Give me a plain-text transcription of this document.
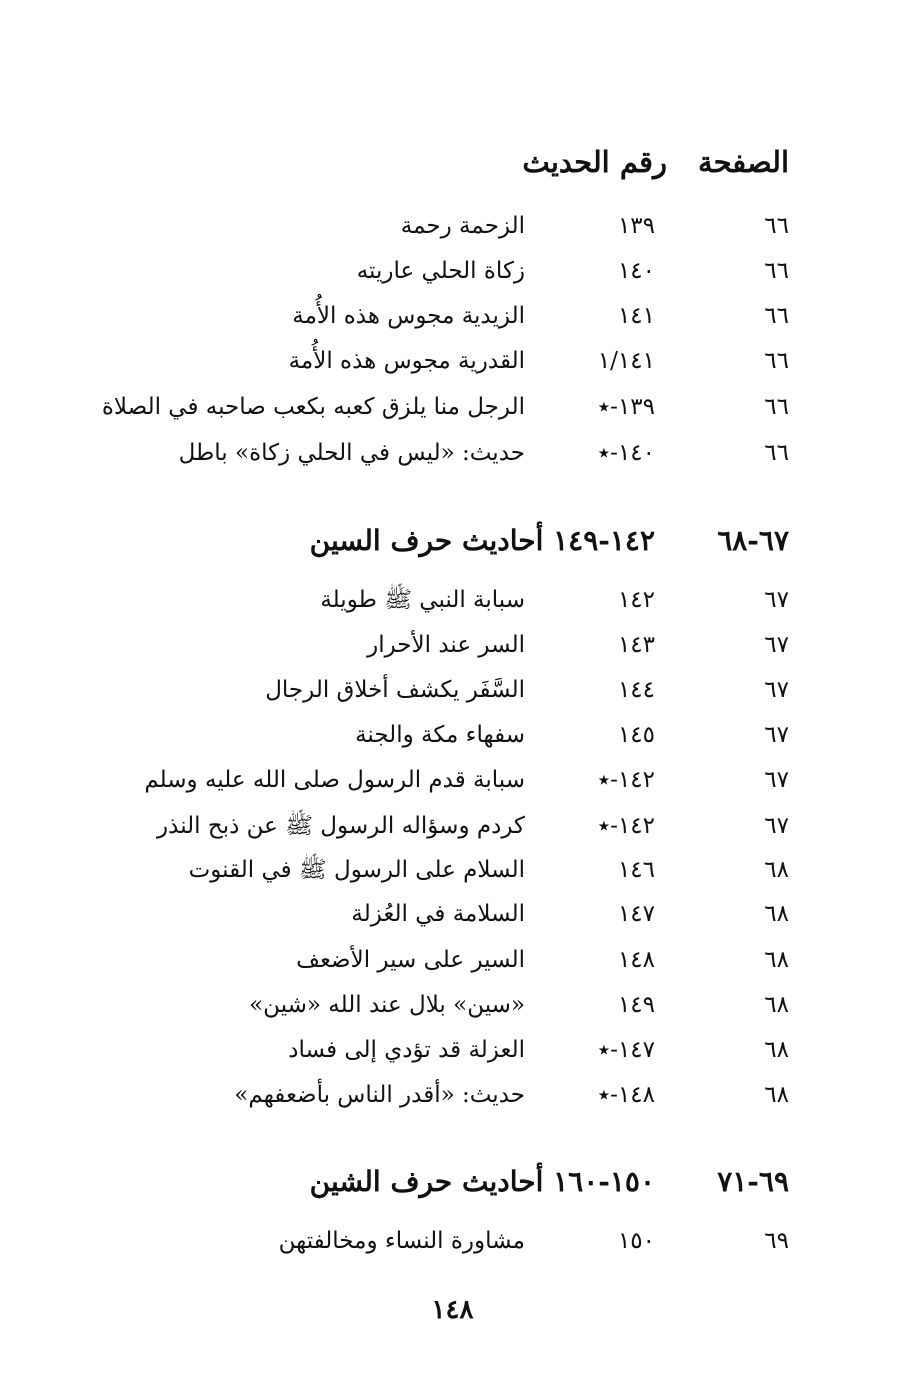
الصفحة
رقم الحديث
٦٦
١٣٩
الزحمة رحمة
٦٦
١٤٠
زكاة الحلي عاريته
٦٦
١٤١
الزيدية مجوس هذه الأُمة
٦٦
١/١٤١
القدرية مجوس هذه الأُمة
٦٦
١٣٩-٭
الرجل منا يلزق كعبه بكعب صاحبه في الصلاة
٦٦
١٤٠-٭
حديث: «ليس في الحلي زكاة» باطل
٦٧-٦٨
١٤٢-١٤٩ أحاديث حرف السين
٦٧
١٤٢
سبابة النبي ﷺ طويلة
٦٧
١٤٣
السر عند الأحرار
٦٧
١٤٤
السَّفَر يكشف أخلاق الرجال
٦٧
١٤٥
سفهاء مكة والجنة
٦٧
١٤٢-٭
سبابة قدم الرسول صلى الله عليه وسلم
٦٧
١٤٢-٭
كردم وسؤاله الرسول ﷺ عن ذبح النذر
٦٨
١٤٦
السلام على الرسول ﷺ في القنوت
٦٨
١٤٧
السلامة في العُزلة
٦٨
١٤٨
السير على سير الأضعف
٦٨
١٤٩
«سين» بلال عند الله «شين»
٦٨
١٤٧-٭
العزلة قد تؤدي إلى فساد
٦٨
١٤٨-٭
حديث: «أقدر الناس بأضعفهم»
٦٩-٧١
١٥٠-١٦٠ أحاديث حرف الشين
٦٩
١٥٠
مشاورة النساء ومخالفتهن
١٤٨
